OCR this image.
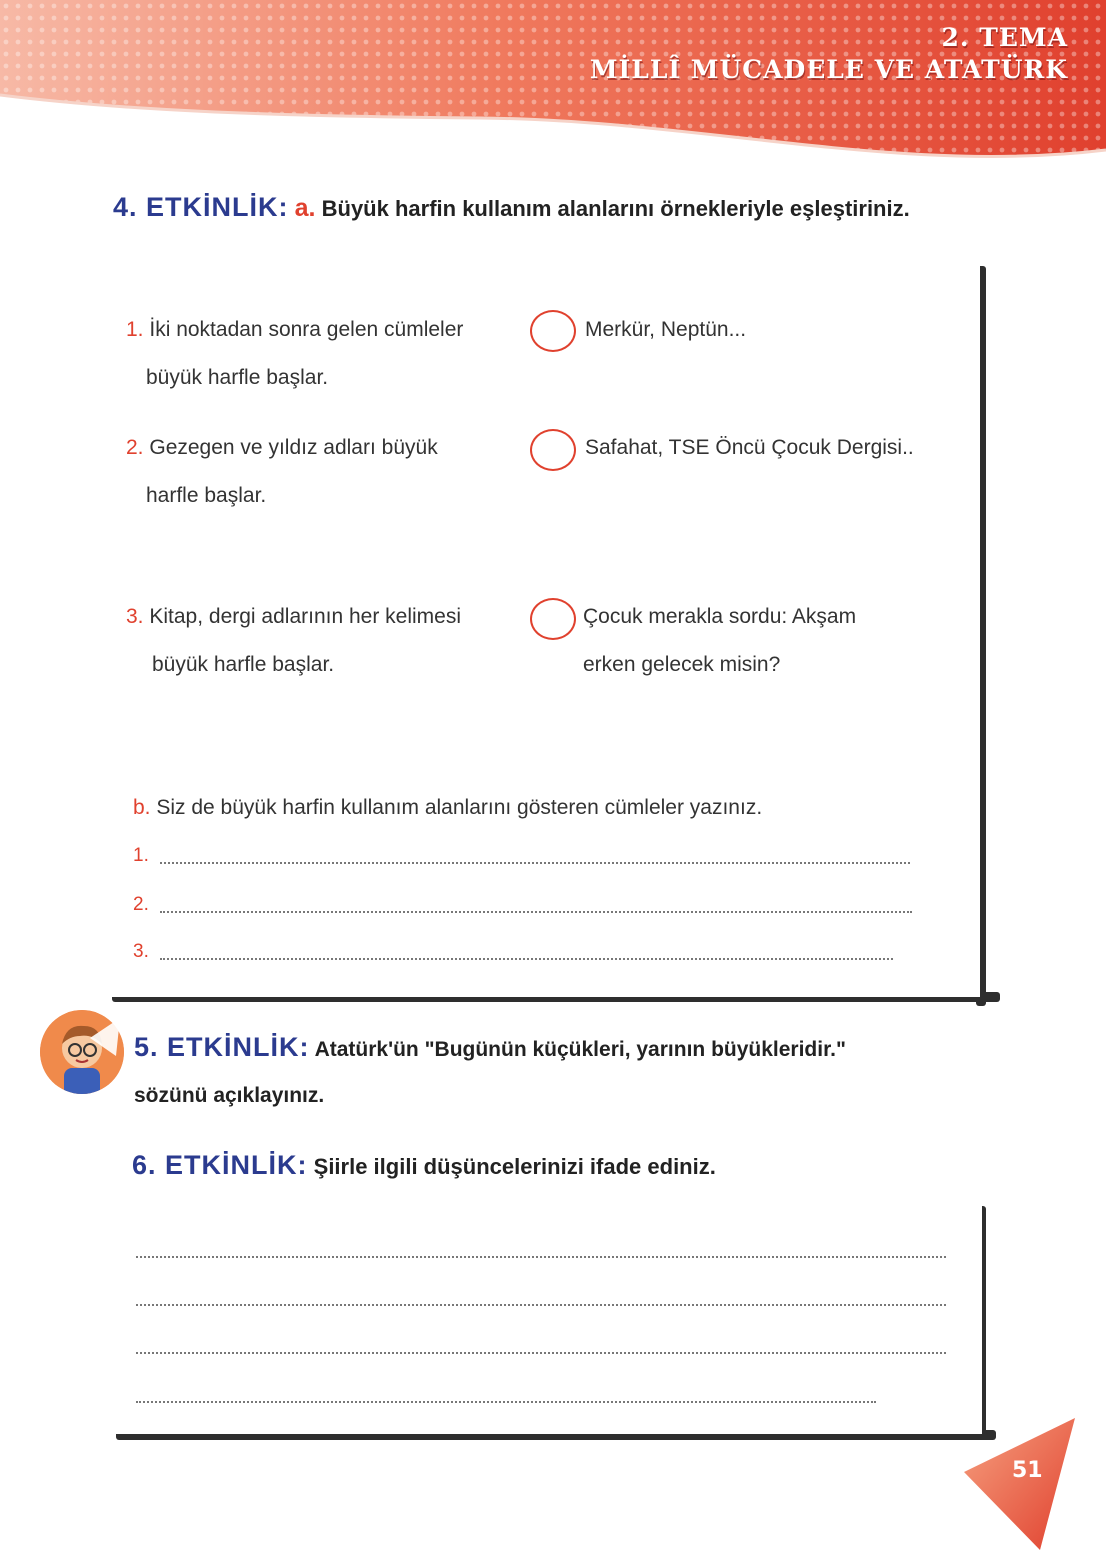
2. TEMA
MİLLÎ MÜCADELE VE ATATÜRK
4. ETKİNLİK: a. Büyük harfin kullanım alanlarını örnekleriyle eşleştiriniz.
1. İki noktadan sonra gelen cümleler
büyük harfle başlar.
2. Gezegen ve yıldız adları büyük
harfle başlar.
3. Kitap, dergi adlarının her kelimesi
büyük harfle başlar.
Merkür, Neptün...
Safahat, TSE Öncü Çocuk Dergisi..
Çocuk merakla sordu: Akşam
erken gelecek misin?
b. Siz de büyük harfin kullanım alanlarını gösteren cümleler yazınız.
1.
2.
3.
5. ETKİNLİK: Atatürk'ün "Bugünün küçükleri, yarının büyükleridir."
sözünü açıklayınız.
6. ETKİNLİK: Şiirle ilgili düşüncelerinizi ifade ediniz.
51
